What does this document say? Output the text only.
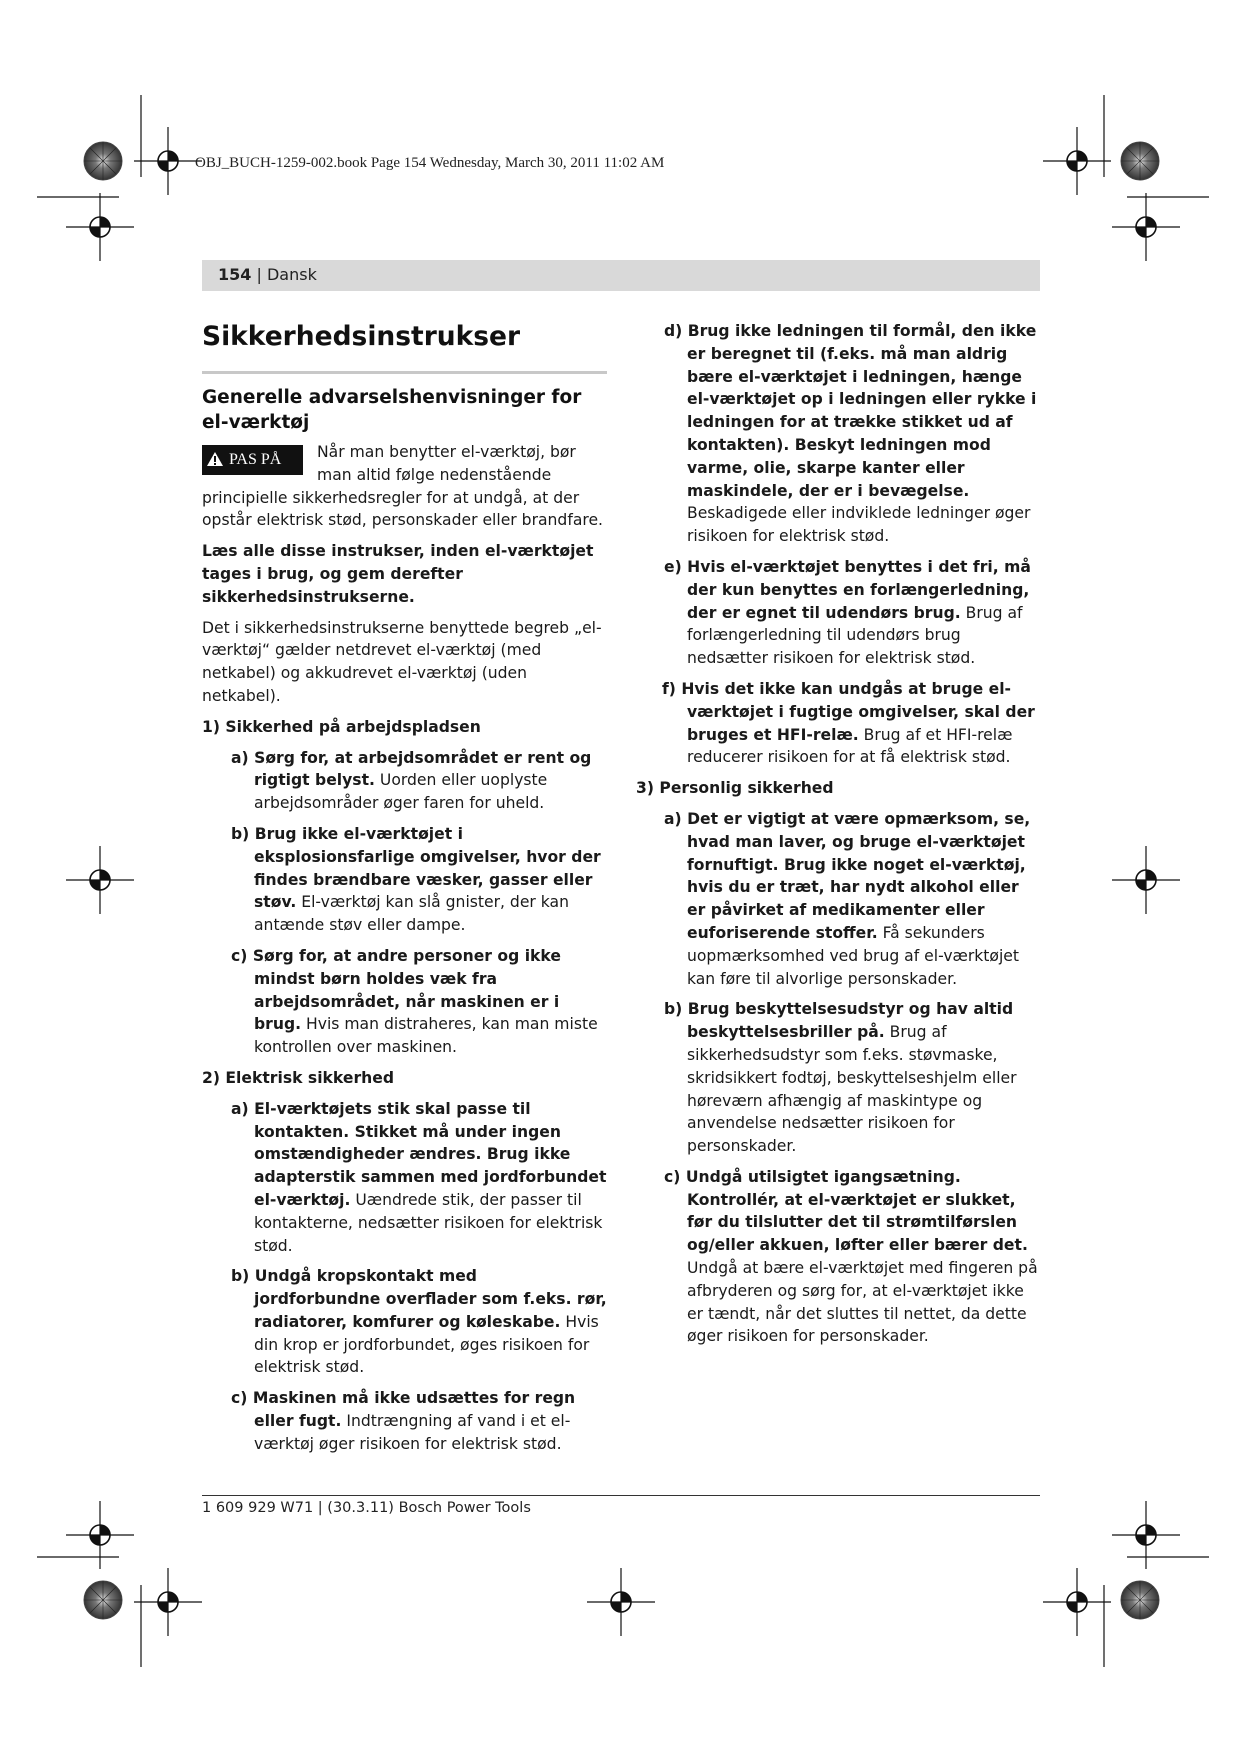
OBJ_BUCH-1259-002.book Page 154 Wednesday, March 30, 2011 11:02 AM
154 | Dansk
Sikkerhedsinstrukser
Generelle advarselshenvisninger for el-værktøj
PAS PÅ	Når man benytter el-værktøj, bør man altid følge nedenstående principielle sikkerhedsregler for at undgå, at der opstår elektrisk stød, personskader eller brandfare.

Læs alle disse instrukser, inden el-værktøjet tages i brug, og gem derefter sikkerhedsinstrukserne.

Det i sikkerhedsinstrukserne benyttede begreb „el-værktøj“ gælder netdrevet el-værktøj (med netkabel) og akkudrevet el-værktøj (uden netkabel).

1) Sikkerhed på arbejdspladsen

a) Sørg for, at arbejdsområdet er rent og rigtigt belyst. Uorden eller uoplyste arbejdsområder øger faren for uheld.

b) Brug ikke el-værktøjet i eksplosionsfarlige omgivelser, hvor der findes brændbare væsker, gasser eller støv. El-værktøj kan slå gnister, der kan antænde støv eller dampe.

c) Sørg for, at andre personer og ikke mindst børn holdes væk fra arbejdsområdet, når maskinen er i brug. Hvis man distraheres, kan man miste kontrollen over maskinen.

2) Elektrisk sikkerhed

a) El-værktøjets stik skal passe til kontakten. Stikket må under ingen omstændigheder ændres. Brug ikke adapterstik sammen med jordforbundet el-værktøj. Uændrede stik, der passer til kontakterne, nedsætter risikoen for elektrisk stød.

b) Undgå kropskontakt med jordforbundne overflader som f.eks. rør, radiatorer, komfurer og køleskabe. Hvis din krop er jordforbundet, øges risikoen for elektrisk stød.

c) Maskinen må ikke udsættes for regn eller fugt. Indtrængning af vand i et el-værktøj øger risikoen for elektrisk stød.

d) Brug ikke ledningen til formål, den ikke er beregnet til (f.eks. må man aldrig bære el-værktøjet i ledningen, hænge el-værktøjet op i ledningen eller rykke i ledningen for at trække stikket ud af kontakten). Beskyt ledningen mod varme, olie, skarpe kanter eller maskindele, der er i bevægelse. Beskadigede eller indviklede ledninger øger risikoen for elektrisk stød.

e) Hvis el-værktøjet benyttes i det fri, må der kun benyttes en forlængerledning, der er egnet til udendørs brug. Brug af forlængerledning til udendørs brug nedsætter risikoen for elektrisk stød.

f) Hvis det ikke kan undgås at bruge el-værktøjet i fugtige omgivelser, skal der bruges et HFI-relæ. Brug af et HFI-relæ reducerer risikoen for at få elektrisk stød.

3) Personlig sikkerhed

a) Det er vigtigt at være opmærksom, se, hvad man laver, og bruge el-værktøjet fornuftigt. Brug ikke noget el-værktøj, hvis du er træt, har nydt alkohol eller er påvirket af medikamenter eller euforiserende stoffer. Få sekunders uopmærksomhed ved brug af el-værktøjet kan føre til alvorlige personskader.

b) Brug beskyttelsesudstyr og hav altid beskyttelsesbriller på. Brug af sikkerhedsudstyr som f.eks. støvmaske, skridsikkert fodtøj, beskyttelseshjelm eller høreværn afhængig af maskintype og anvendelse nedsætter risikoen for personskader.

c) Undgå utilsigtet igangsætning. Kontrollér, at el-værktøjet er slukket, før du tilslutter det til strømtilførslen og/eller akkuen, løfter eller bærer det. Undgå at bære el-værktøjet med fingeren på afbryderen og sørg for, at el-værktøjet ikke er tændt, når det sluttes til nettet, da dette øger risikoen for personskader.

1 609 929 W71 | (30.3.11) Bosch Power Tools
